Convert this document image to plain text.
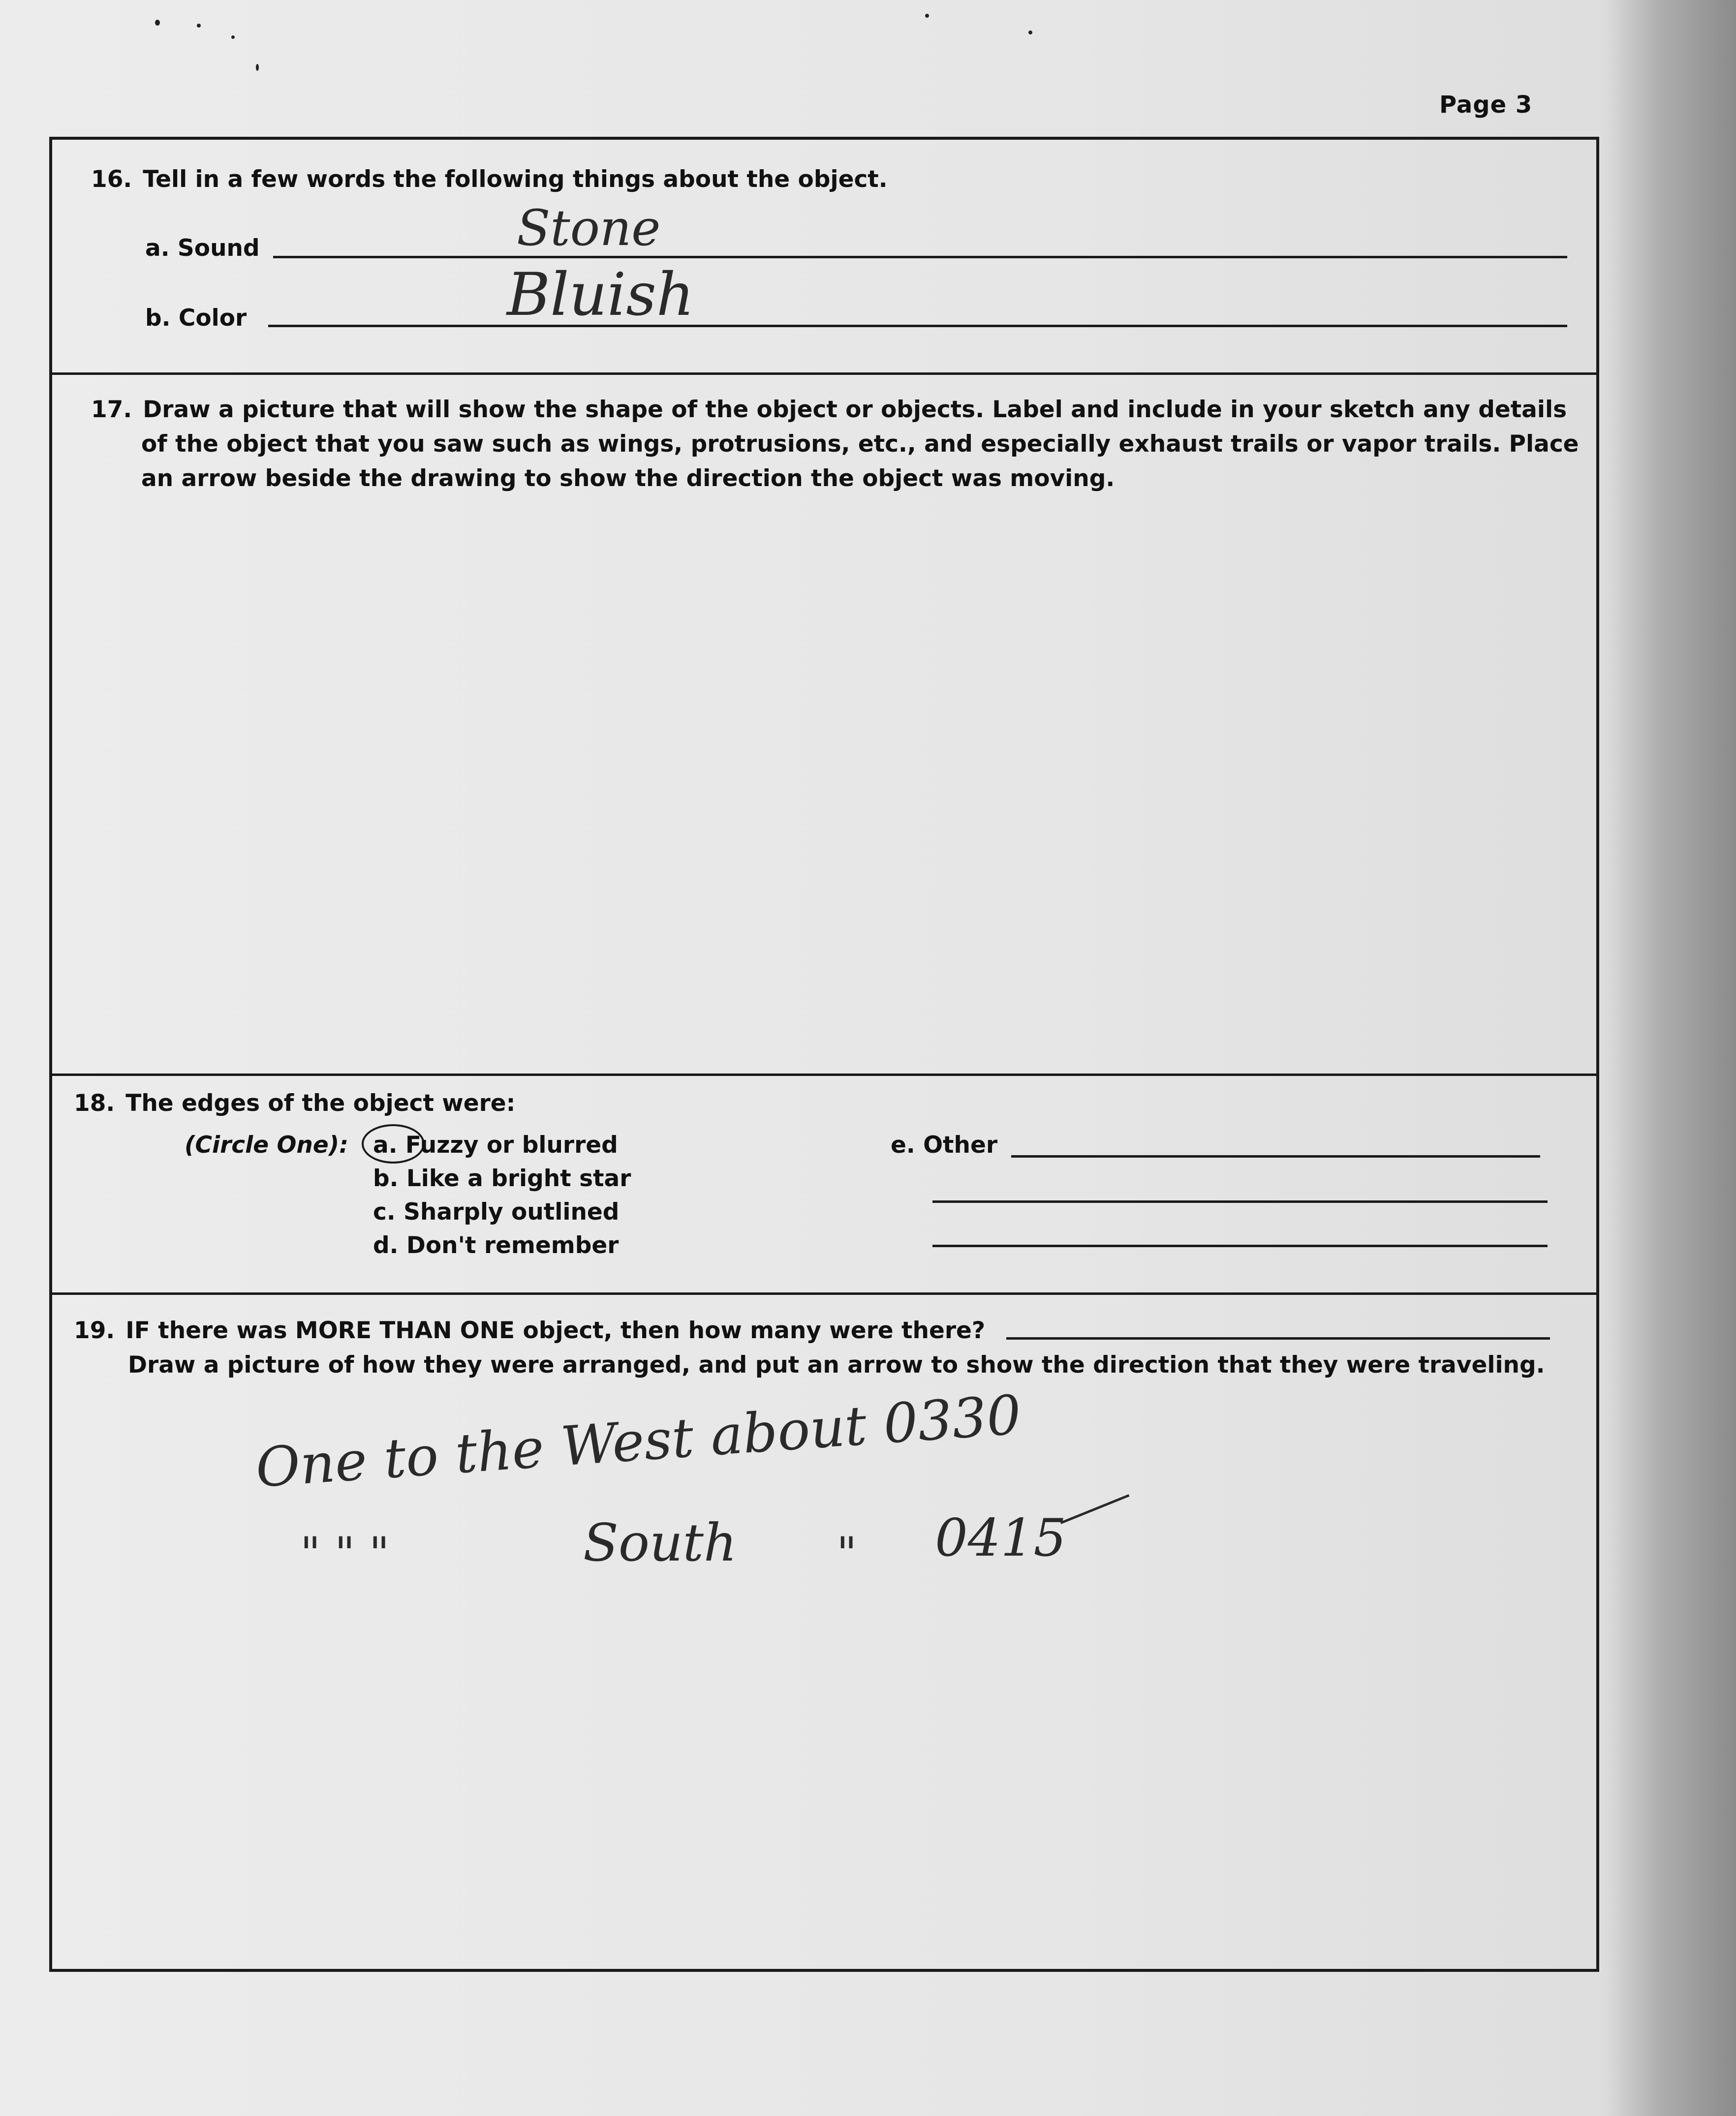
Page 3
16. Tell in a few words the following things about the object.
a. Sound	Stone
b. Color	Bluish
17. Draw a picture that will show the shape of the object or objects. Label and include in your sketch any details
of the object that you saw such as wings, protrusions, etc., and especially exhaust trails or vapor trails. Place
an arrow beside the drawing to show the direction the object was moving.
18. The edges of the object were:
(Circle One): a. Fuzzy or blurred
b. Like a bright star
c. Sharply outlined
d. Don't remember
e. Other
19. IF there was MORE THAN ONE object, then how many were there?
Draw a picture of how they were arranged, and put an arrow to show the direction that they were traveling.
One to the West about 0330
" " "	South " 0415
